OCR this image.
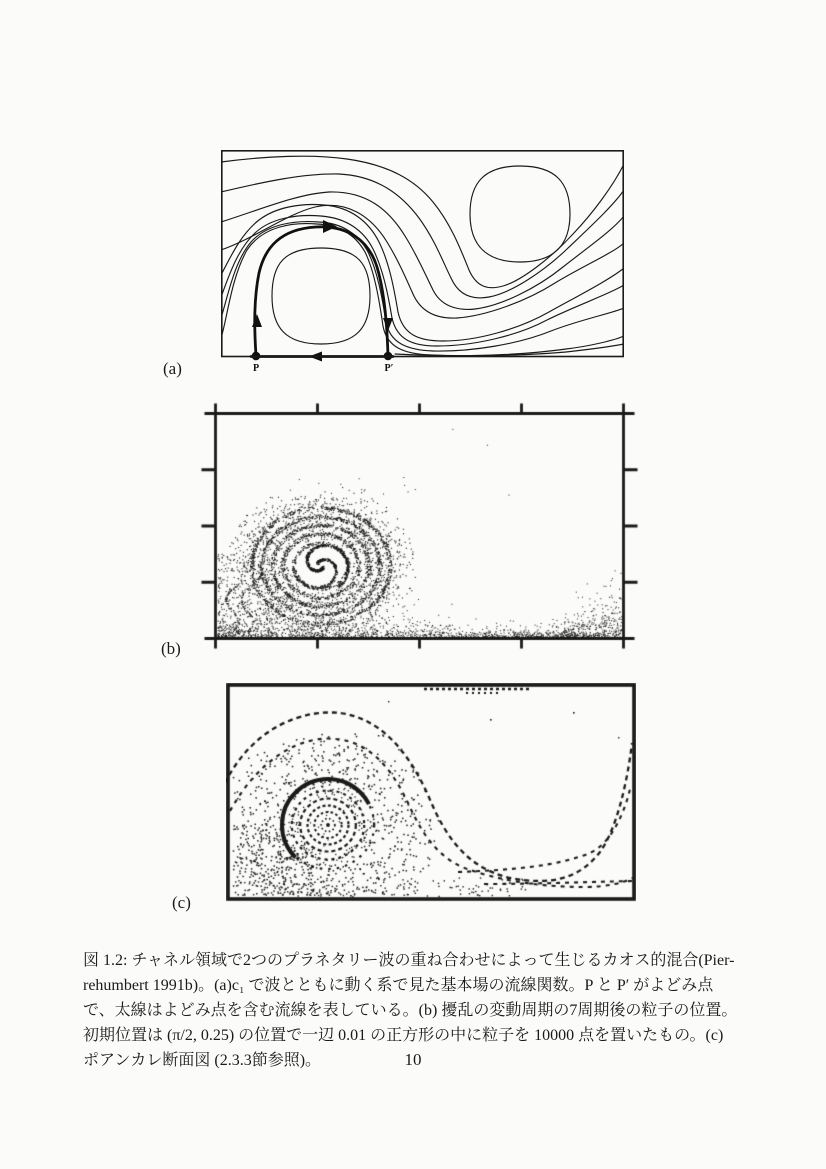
P	P′
(a)
(b)
(c)
図 1.2: チャネル領域で2つのプラネタリー波の重ね合わせによって生じるカオス的混合(Pier-
rehumbert 1991b)。(a)c₁ で波とともに動く系で見た基本場の流線関数。P と P′ がよどみ点
で、太線はよどみ点を含む流線を表している。(b) 擾乱の変動周期の7周期後の粒子の位置。
初期位置は (π/2, 0.25) の位置で一辺 0.01 の正方形の中に粒子を 10000 点を置いたもの。(c)
ポアンカレ断面図 (2.3.3節参照)。	10
